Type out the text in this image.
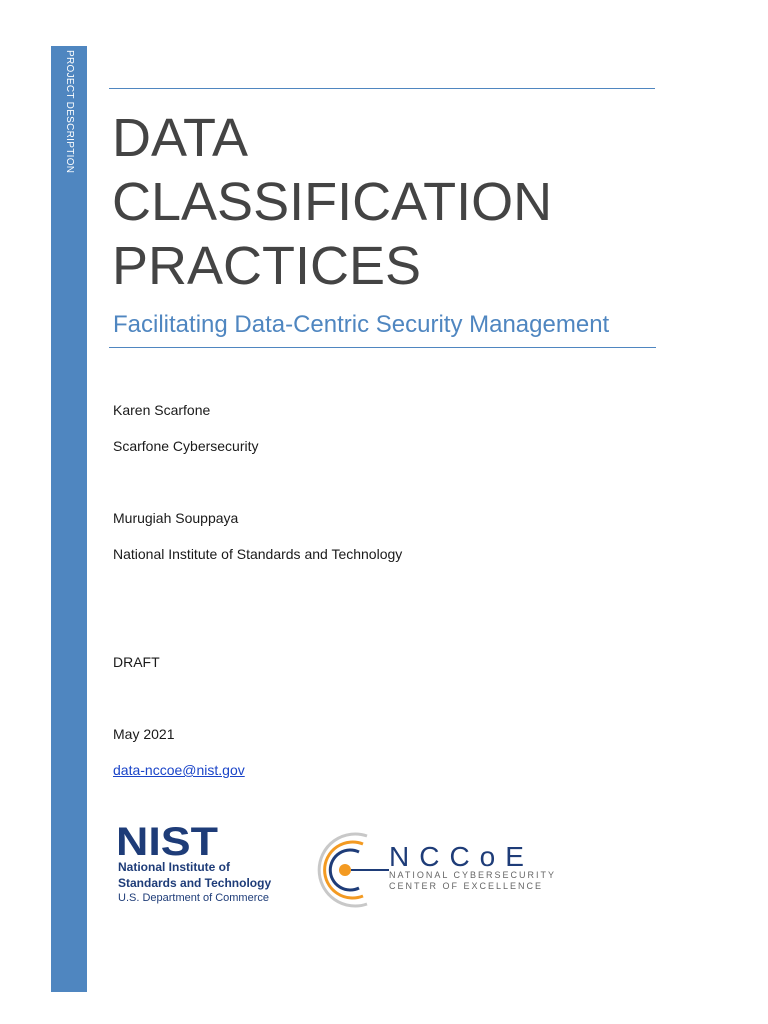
PROJECT DESCRIPTION DATA
CLASSIFICATION
PRACTICES
Facilitating Data-Centric Security Management
Karen Scarfone
Scarfone Cybersecurity
Murugiah Souppaya
National Institute of Standards and Technology
DRAFT
May 2021
data-nccoe@nist.gov
NIST
National Institute of
Standards and Technology
U.S. Department of Commerce
NCCoE
NATIONAL CYBERSECURITY
CENTER OF EXCELLENCE
